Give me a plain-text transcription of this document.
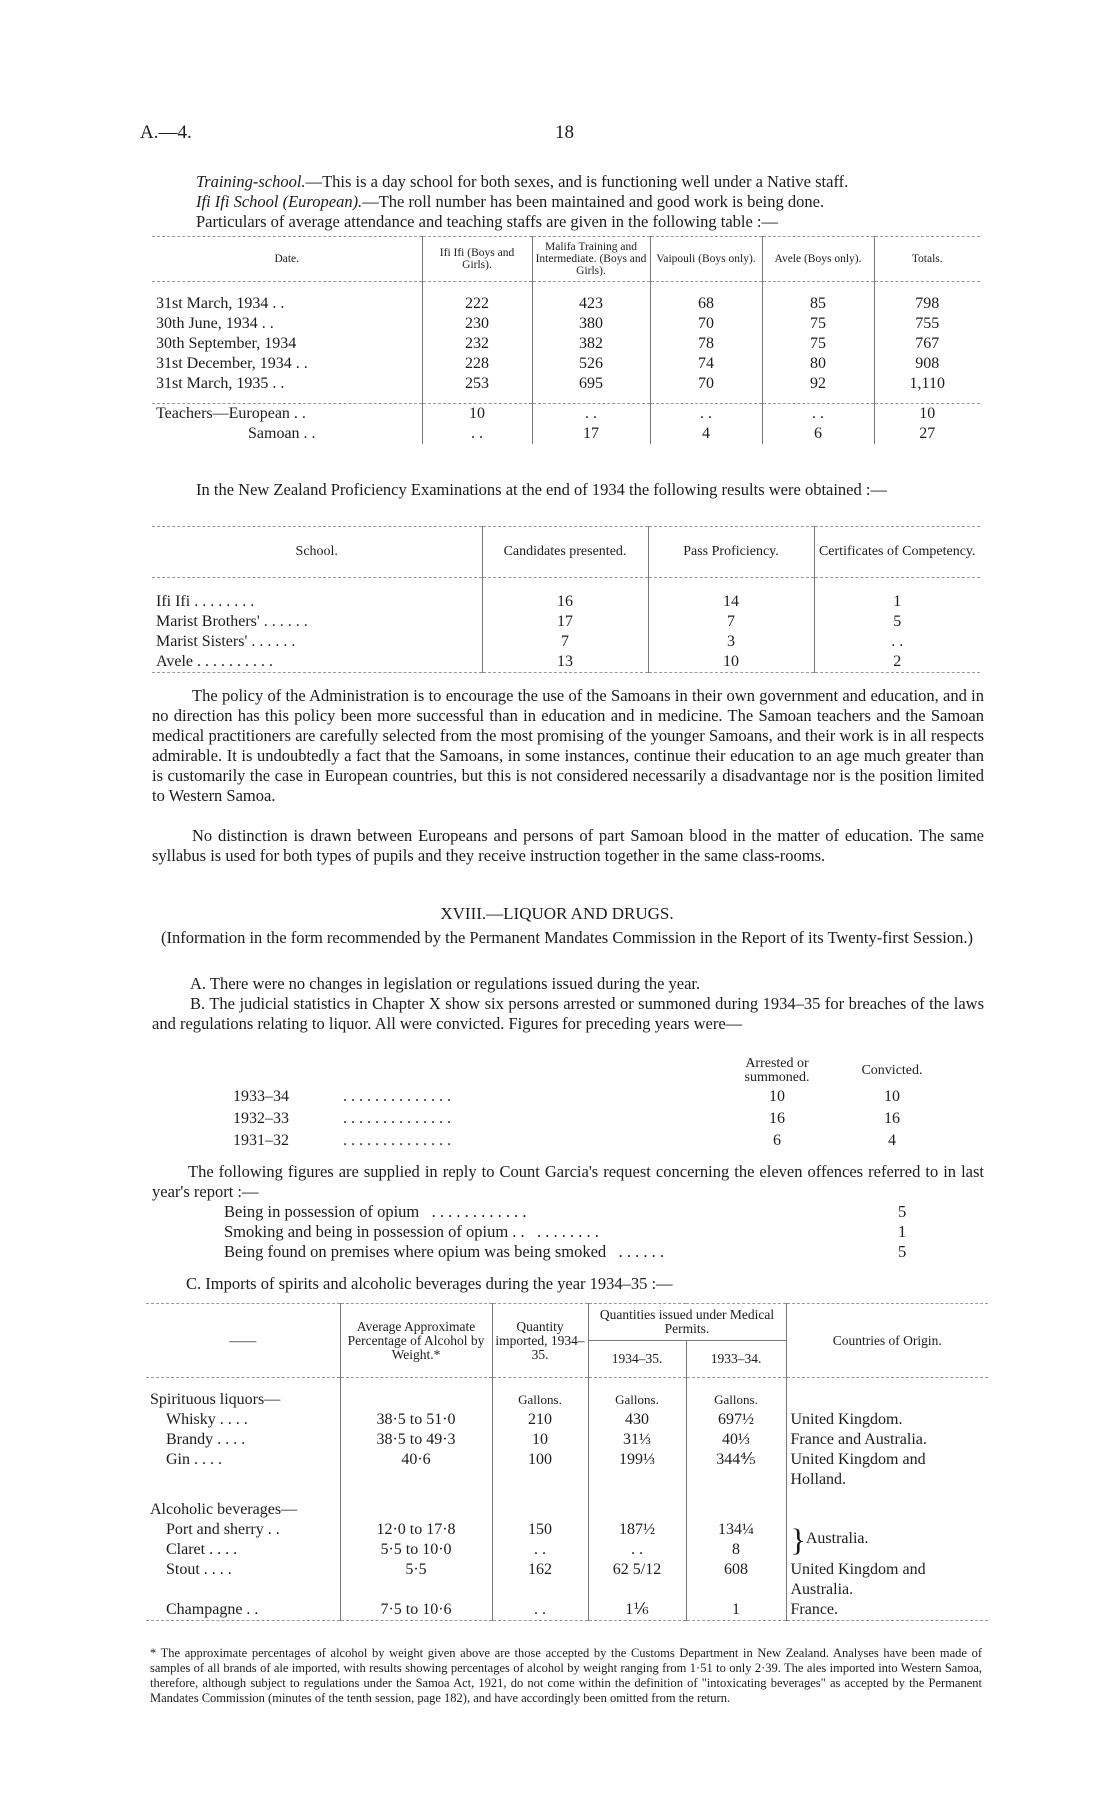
A.—4.	18
Training-school.—This is a day school for both sexes, and is functioning well under a Native staff.
Ifi Ifi School (European).—The roll number has been maintained and good work is being done.
Particulars of average attendance and teaching staffs are given in the following table :—
Date.	Ifi Ifi (Boys and Girls).	Malifa Training and Intermediate. (Boys and Girls).	Vaipouli (Boys only).	Avele (Boys only).	Totals.

31st March, 1934 . .	222	423	68	85	798
30th June, 1934 . .	230	380	70	75	755
30th September, 1934	232	382	78	75	767
31st December, 1934 . .	228	526	74	80	908
31st March, 1935 . .	253	695	70	92	1,110

Teachers—European . .	10	. .	. .	. .	10
Samoan . .	. .	17	4	6	27
In the New Zealand Proficiency Examinations at the end of 1934 the following results were obtained :—
School.	Candidates presented.	Pass Proficiency.	Certificates of Competency.

Ifi Ifi . . . . . . . .	16	14	1
Marist Brothers' . . . . . .	17	7	5
Marist Sisters' . . . . . .	7	3	. .
Avele . . . . . . . . . .	13	10	2
The policy of the Administration is to encourage the use of the Samoans in their own government and education, and in no direction has this policy been more successful than in education and in medicine. The Samoan teachers and the Samoan medical practitioners are carefully selected from the most promising of the younger Samoans, and their work is in all respects admirable. It is undoubtedly a fact that the Samoans, in some instances, continue their education to an age much greater than is customarily the case in European countries, but this is not considered necessarily a disadvantage nor is the position limited to Western Samoa.
No distinction is drawn between Europeans and persons of part Samoan blood in the matter of education. The same syllabus is used for both types of pupils and they receive instruction together in the same class-rooms.
XVIII.—LIQUOR AND DRUGS.
(Information in the form recommended by the Permanent Mandates Commission in the Report of its Twenty-first Session.)
A. There were no changes in legislation or regulations issued during the year.
B. The judicial statistics in Chapter X show six persons arrested or summoned during 1934–35 for breaches of the laws and regulations relating to liquor. All were convicted. Figures for preceding years were—
		Arrested or summoned.	Convicted.
1933–34	. . . . . . . . . . . . . .	10	10
1932–33	. . . . . . . . . . . . . .	16	16
1931–32	. . . . . . . . . . . . . .	6	4
The following figures are supplied in reply to Count Garcia's request concerning the eleven offences referred to in last year's report :—
Being in possession of opium . . . . . . . . . . . .	5
Smoking and being in possession of opium . . . . . . . . . .	1
Being found on premises where opium was being smoked . . . . . .	5
C. Imports of spirits and alcoholic beverages during the year 1934–35 :—
——	Average Approximate Percentage of Alcohol by Weight.*	Quantity imported, 1934–35.	Quantities issued under Medical Permits.		Countries of Origin.
			1934–35.	1933–34.	

Spirituous liquors—		Gallons.	Gallons.	Gallons.	
Whisky . . . .	38·5 to 51·0	210	430	697½	United Kingdom.
Brandy . . . .	38·5 to 49·3	10	31⅓	40⅓	France and Australia.
Gin . . . .	40·6	100	199⅓	344⅘	United Kingdom and Holland.

Alcoholic beverages—					
Port and sherry . .	12·0 to 17·8	150	187½	134¼	}Australia.
Claret . . . .	5·5 to 10·0	. .	. .	8	
Stout . . . .	5·5	162	62 5/12	608	United Kingdom and Australia.
Champagne . .	7·5 to 10·6	. .	1⅙	1	France.
* The approximate percentages of alcohol by weight given above are those accepted by the Customs Department in New Zealand. Analyses have been made of samples of all brands of ale imported, with results showing percentages of alcohol by weight ranging from 1·51 to only 2·39. The ales imported into Western Samoa, therefore, although subject to regulations under the Samoa Act, 1921, do not come within the definition of "intoxicating beverages" as accepted by the Permanent Mandates Commission (minutes of the tenth session, page 182), and have accordingly been omitted from the return.
